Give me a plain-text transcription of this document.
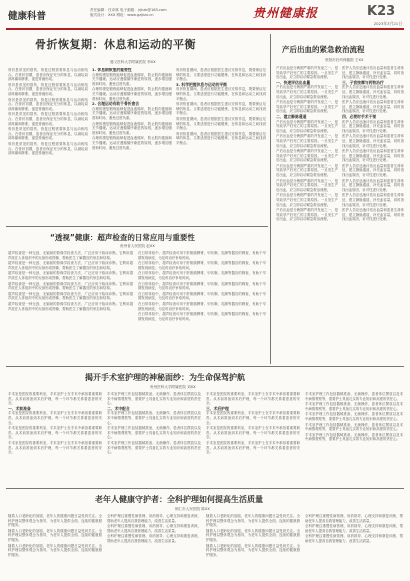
健康科普
责任编辑：任卓林 电子邮箱：jrjkzk@163.com
版式设计：XXX 网址：www.gzjkzx.cn	贵州健康报	K23
2023年3月21日
骨折恢复期：休息和运动的平衡
遵义医科大学附属医院 李XX
骨折是常见的损伤，恢复过程需要休息与运动相结合。在骨折初期，患者应保证充分的休息，以减轻局部疼痛和肿胀，促进骨痂形成。
骨折是常见的损伤，恢复过程需要休息与运动相结合。在骨折初期，患者应保证充分的休息，以减轻局部疼痛和肿胀，促进骨痂形成。
骨折是常见的损伤，恢复过程需要休息与运动相结合。在骨折初期，患者应保证充分的休息，以减轻局部疼痛和肿胀，促进骨痂形成。
骨折是常见的损伤，恢复过程需要休息与运动相结合。在骨折初期，患者应保证充分的休息，以减轻局部疼痛和肿胀，促进骨痂形成。
骨折是常见的损伤，恢复过程需要休息与运动相结合。在骨折初期，患者应保证充分的休息，以减轻局部疼痛和肿胀，促进骨痂形成。
骨折是常见的损伤，恢复过程需要休息与运动相结合。在骨折初期，患者应保证充分的休息，以减轻局部疼痛和肿胀，促进骨痂形成。
1. 休息期恢复的重要性
合理的康复锻炼能够促进血液循环，防止肌肉萎缩和关节僵硬。运动应遵循循序渐进的原则，逐步增加强度和时间，避免过度负重。
合理的康复锻炼能够促进血液循环，防止肌肉萎缩和关节僵硬。运动应遵循循序渐进的原则，逐步增加强度和时间，避免过度负重。
2. 合理运动有助于骨折愈合
合理的康复锻炼能够促进血液循环，防止肌肉萎缩和关节僵硬。运动应遵循循序渐进的原则，逐步增加强度和时间，避免过度负重。
合理的康复锻炼能够促进血液循环，防止肌肉萎缩和关节僵硬。运动应遵循循序渐进的原则，逐步增加强度和时间，避免过度负重。
合理的康复锻炼能够促进血液循环，防止肌肉萎缩和关节僵硬。运动应遵循循序渐进的原则，逐步增加强度和时间，避免过度负重。
骨折恢复期间，患者应根据医生建议安排作息，既要保证足够的休息，又要适度进行功能锻炼，在休息和运动之间找到平衡点。
3. 科学把握休息与运动的平衡
骨折恢复期间，患者应根据医生建议安排作息，既要保证足够的休息，又要适度进行功能锻炼，在休息和运动之间找到平衡点。
骨折恢复期间，患者应根据医生建议安排作息，既要保证足够的休息，又要适度进行功能锻炼，在休息和运动之间找到平衡点。
骨折恢复期间，患者应根据医生建议安排作息，既要保证足够的休息，又要适度进行功能锻炼，在休息和运动之间找到平衡点。
骨折恢复期间，患者应根据医生建议安排作息，既要保证足够的休息，又要适度进行功能锻炼，在休息和运动之间找到平衡点。
产后出血的紧急救治流程
贵阳市妇幼保健院 王XX
产后出血是分娩期严重的并发症之一，是导致孕产妇死亡的主要原因。一旦发生产后出血，应立即启动紧急救治流程。
一、快速评估出血量
产后出血是分娩期严重的并发症之一，是导致孕产妇死亡的主要原因。一旦发生产后出血，应立即启动紧急救治流程。
产后出血是分娩期严重的并发症之一，是导致孕产妇死亡的主要原因。一旦发生产后出血，应立即启动紧急救治流程。
二、建立静脉通道
产后出血是分娩期严重的并发症之一，是导致孕产妇死亡的主要原因。一旦发生产后出血，应立即启动紧急救治流程。
产后出血是分娩期严重的并发症之一，是导致孕产妇死亡的主要原因。一旦发生产后出血，应立即启动紧急救治流程。
产后出血是分娩期严重的并发症之一，是导致孕产妇死亡的主要原因。一旦发生产后出血，应立即启动紧急救治流程。
产后出血是分娩期严重的并发症之一，是导致孕产妇死亡的主要原因。一旦发生产后出血，应立即启动紧急救治流程。
产后出血是分娩期严重的并发症之一，是导致孕产妇死亡的主要原因。一旦发生产后出血，应立即启动紧急救治流程。
产后出血是分娩期严重的并发症之一，是导致孕产妇死亡的主要原因。一旦发生产后出血，应立即启动紧急救治流程。
产后出血是分娩期严重的并发症之一，是导致孕产妇死亡的主要原因。一旦发生产后出血，应立即启动紧急救治流程。
医护人员应迅速评估出血量和患者生命体征，建立静脉通道，补充血容量，同时查找出血原因，针对性进行处理。
三、子宫按摩与药物治疗
医护人员应迅速评估出血量和患者生命体征，建立静脉通道，补充血容量，同时查找出血原因，针对性进行处理。
医护人员应迅速评估出血量和患者生命体征，建立静脉通道，补充血容量，同时查找出血原因，针对性进行处理。
四、必要时手术干预
医护人员应迅速评估出血量和患者生命体征，建立静脉通道，补充血容量，同时查找出血原因，针对性进行处理。
医护人员应迅速评估出血量和患者生命体征，建立静脉通道，补充血容量，同时查找出血原因，针对性进行处理。
医护人员应迅速评估出血量和患者生命体征，建立静脉通道，补充血容量，同时查找出血原因，针对性进行处理。
医护人员应迅速评估出血量和患者生命体征，建立静脉通道，补充血容量，同时查找出血原因，针对性进行处理。
医护人员应迅速评估出血量和患者生命体征，建立静脉通道，补充血容量，同时查找出血原因，针对性进行处理。
医护人员应迅速评估出血量和患者生命体征，建立静脉通道，补充血容量，同时查找出血原因，针对性进行处理。
医护人员应迅速评估出血量和患者生命体征，建立静脉通道，补充血容量，同时查找出血原因，针对性进行处理。
“透视”健康：超声检查的日常应用与重要性
贵州省人民医院 赵XX
超声检查是一种无创、无辐射的影像学检查方法，广泛应用于临床诊断。它利用超声波在人体组织中的反射形成图像，帮助医生了解器官的形态和结构。
超声检查是一种无创、无辐射的影像学检查方法，广泛应用于临床诊断。它利用超声波在人体组织中的反射形成图像，帮助医生了解器官的形态和结构。
超声检查是一种无创、无辐射的影像学检查方法，广泛应用于临床诊断。它利用超声波在人体组织中的反射形成图像，帮助医生了解器官的形态和结构。
超声检查是一种无创、无辐射的影像学检查方法，广泛应用于临床诊断。它利用超声波在人体组织中的反射形成图像，帮助医生了解器官的形态和结构。
超声检查是一种无创、无辐射的影像学检查方法，广泛应用于临床诊断。它利用超声波在人体组织中的反射形成图像，帮助医生了解器官的形态和结构。
超声检查是一种无创、无辐射的影像学检查方法，广泛应用于临床诊断。它利用超声波在人体组织中的反射形成图像，帮助医生了解器官的形态和结构。
在日常体检中，超声检查可用于肝胆胰脾肾、甲状腺、乳腺等器官的筛查，有助于早期发现病变，为及时治疗争取时间。
在日常体检中，超声检查可用于肝胆胰脾肾、甲状腺、乳腺等器官的筛查，有助于早期发现病变，为及时治疗争取时间。
在日常体检中，超声检查可用于肝胆胰脾肾、甲状腺、乳腺等器官的筛查，有助于早期发现病变，为及时治疗争取时间。
在日常体检中，超声检查可用于肝胆胰脾肾、甲状腺、乳腺等器官的筛查，有助于早期发现病变，为及时治疗争取时间。
在日常体检中，超声检查可用于肝胆胰脾肾、甲状腺、乳腺等器官的筛查，有助于早期发现病变，为及时治疗争取时间。
在日常体检中，超声检查可用于肝胆胰脾肾、甲状腺、乳腺等器官的筛查，有助于早期发现病变，为及时治疗争取时间。
在日常体检中，超声检查可用于肝胆胰脾肾、甲状腺、乳腺等器官的筛查，有助于早期发现病变，为及时治疗争取时间。
揭开手术室护理的神秘面纱：为生命保驾护航
贵州医科大学附属医院 刘XX
手术室是医院的重要科室，手术室护士在手术中承担着重要职责。从术前准备到术后护理，每一个环节都关系着患者的安全。
一、术前准备
手术室是医院的重要科室，手术室护士在手术中承担着重要职责。从术前准备到术后护理，每一个环节都关系着患者的安全。
手术室是医院的重要科室，手术室护士在手术中承担着重要职责。从术前准备到术后护理，每一个环节都关系着患者的安全。
手术室是医院的重要科室，手术室护士在手术中承担着重要职责。从术前准备到术后护理，每一个环节都关系着患者的安全。
手术室护理工作包括器械准备、无菌操作、患者体位摆放以及术中病情观察等，需要护士具备扎实的专业知识和高度的责任心。
二、术中配合
手术室护理工作包括器械准备、无菌操作、患者体位摆放以及术中病情观察等，需要护士具备扎实的专业知识和高度的责任心。
手术室护理工作包括器械准备、无菌操作、患者体位摆放以及术中病情观察等，需要护士具备扎实的专业知识和高度的责任心。
手术室护理工作包括器械准备、无菌操作、患者体位摆放以及术中病情观察等，需要护士具备扎实的专业知识和高度的责任心。
手术室是医院的重要科室，手术室护士在手术中承担着重要职责。从术前准备到术后护理，每一个环节都关系着患者的安全。
三、术后护理
手术室是医院的重要科室，手术室护士在手术中承担着重要职责。从术前准备到术后护理，每一个环节都关系着患者的安全。
手术室是医院的重要科室，手术室护士在手术中承担着重要职责。从术前准备到术后护理，每一个环节都关系着患者的安全。
手术室是医院的重要科室，手术室护士在手术中承担着重要职责。从术前准备到术后护理，每一个环节都关系着患者的安全。
手术室护理工作包括器械准备、无菌操作、患者体位摆放以及术中病情观察等，需要护士具备扎实的专业知识和高度的责任心。
手术室护理工作包括器械准备、无菌操作、患者体位摆放以及术中病情观察等，需要护士具备扎实的专业知识和高度的责任心。
手术室护理工作包括器械准备、无菌操作、患者体位摆放以及术中病情观察等，需要护士具备扎实的专业知识和高度的责任心。
手术室护理工作包括器械准备、无菌操作、患者体位摆放以及术中病情观察等，需要护士具备扎实的专业知识和高度的责任心。
手术室护理工作包括器械准备、无菌操作、患者体位摆放以及术中病情观察等，需要护士具备扎实的专业知识和高度的责任心。
老年人健康守护者：全科护理如何提高生活质量
铜仁市人民医院 陈XX
随着人口老龄化的加剧，老年人的健康问题日益受到关注。全科护理以整体观念为指导，为老年人提供全面、连续的健康照护服务。
随着人口老龄化的加剧，老年人的健康问题日益受到关注。全科护理以整体观念为指导，为老年人提供全面、连续的健康照护服务。
随着人口老龄化的加剧，老年人的健康问题日益受到关注。全科护理以整体观念为指导，为老年人提供全面、连续的健康照护服务。
全科护理注重慢性病管理、用药指导、心理支持和康复训练，帮助老年人提高自我管理能力，改善生活质量。
全科护理注重慢性病管理、用药指导、心理支持和康复训练，帮助老年人提高自我管理能力，改善生活质量。
全科护理注重慢性病管理、用药指导、心理支持和康复训练，帮助老年人提高自我管理能力，改善生活质量。
随着人口老龄化的加剧，老年人的健康问题日益受到关注。全科护理以整体观念为指导，为老年人提供全面、连续的健康照护服务。
随着人口老龄化的加剧，老年人的健康问题日益受到关注。全科护理以整体观念为指导，为老年人提供全面、连续的健康照护服务。
随着人口老龄化的加剧，老年人的健康问题日益受到关注。全科护理以整体观念为指导，为老年人提供全面、连续的健康照护服务。
全科护理注重慢性病管理、用药指导、心理支持和康复训练，帮助老年人提高自我管理能力，改善生活质量。
全科护理注重慢性病管理、用药指导、心理支持和康复训练，帮助老年人提高自我管理能力，改善生活质量。
全科护理注重慢性病管理、用药指导、心理支持和康复训练，帮助老年人提高自我管理能力，改善生活质量。
